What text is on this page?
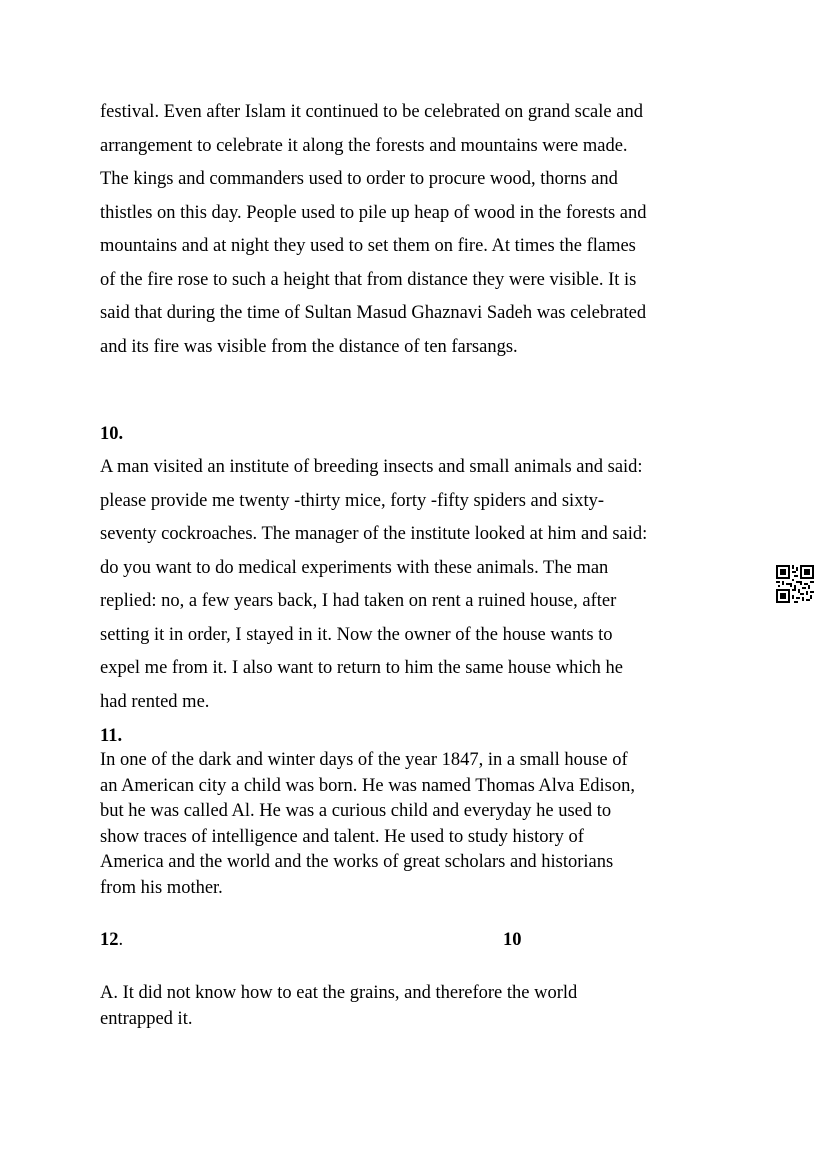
festival. Even after Islam it continued to be celebrated on grand scale and
arrangement to celebrate it along the forests and mountains were made.
The kings and commanders used to order to procure wood, thorns and
thistles on this day. People used to pile up heap of wood in the forests and
mountains and at night they used to set them on fire. At times the flames
of the fire rose to such a height that from distance they were visible. It is
said that during the time of Sultan Masud Ghaznavi Sadeh was celebrated
and its fire was visible from the distance of ten farsangs.

10.

A man visited an institute of breeding insects and small animals and said:
please provide me twenty -thirty mice, forty -fifty spiders and sixty-
seventy cockroaches. The manager of the institute looked at him and said:
do you want to do medical experiments with these animals. The man
replied: no, a few years back, I had taken on rent a ruined house, after
setting it in order, I stayed in it. Now the owner of the house wants to
expel me from it. I also want to return to him the same house which he
had rented me.

11.

In one of the dark and winter days of the year 1847, in a small house of
an American city a child was born. He was named Thomas Alva Edison,
but he was called Al. He was a curious child and everyday he used to
show traces of intelligence and talent. He used to study history of
America and the world and the works of great scholars and historians
from his mother.

12.	10

A. It did not know how to eat the grains, and therefore the world
entrapped it.
